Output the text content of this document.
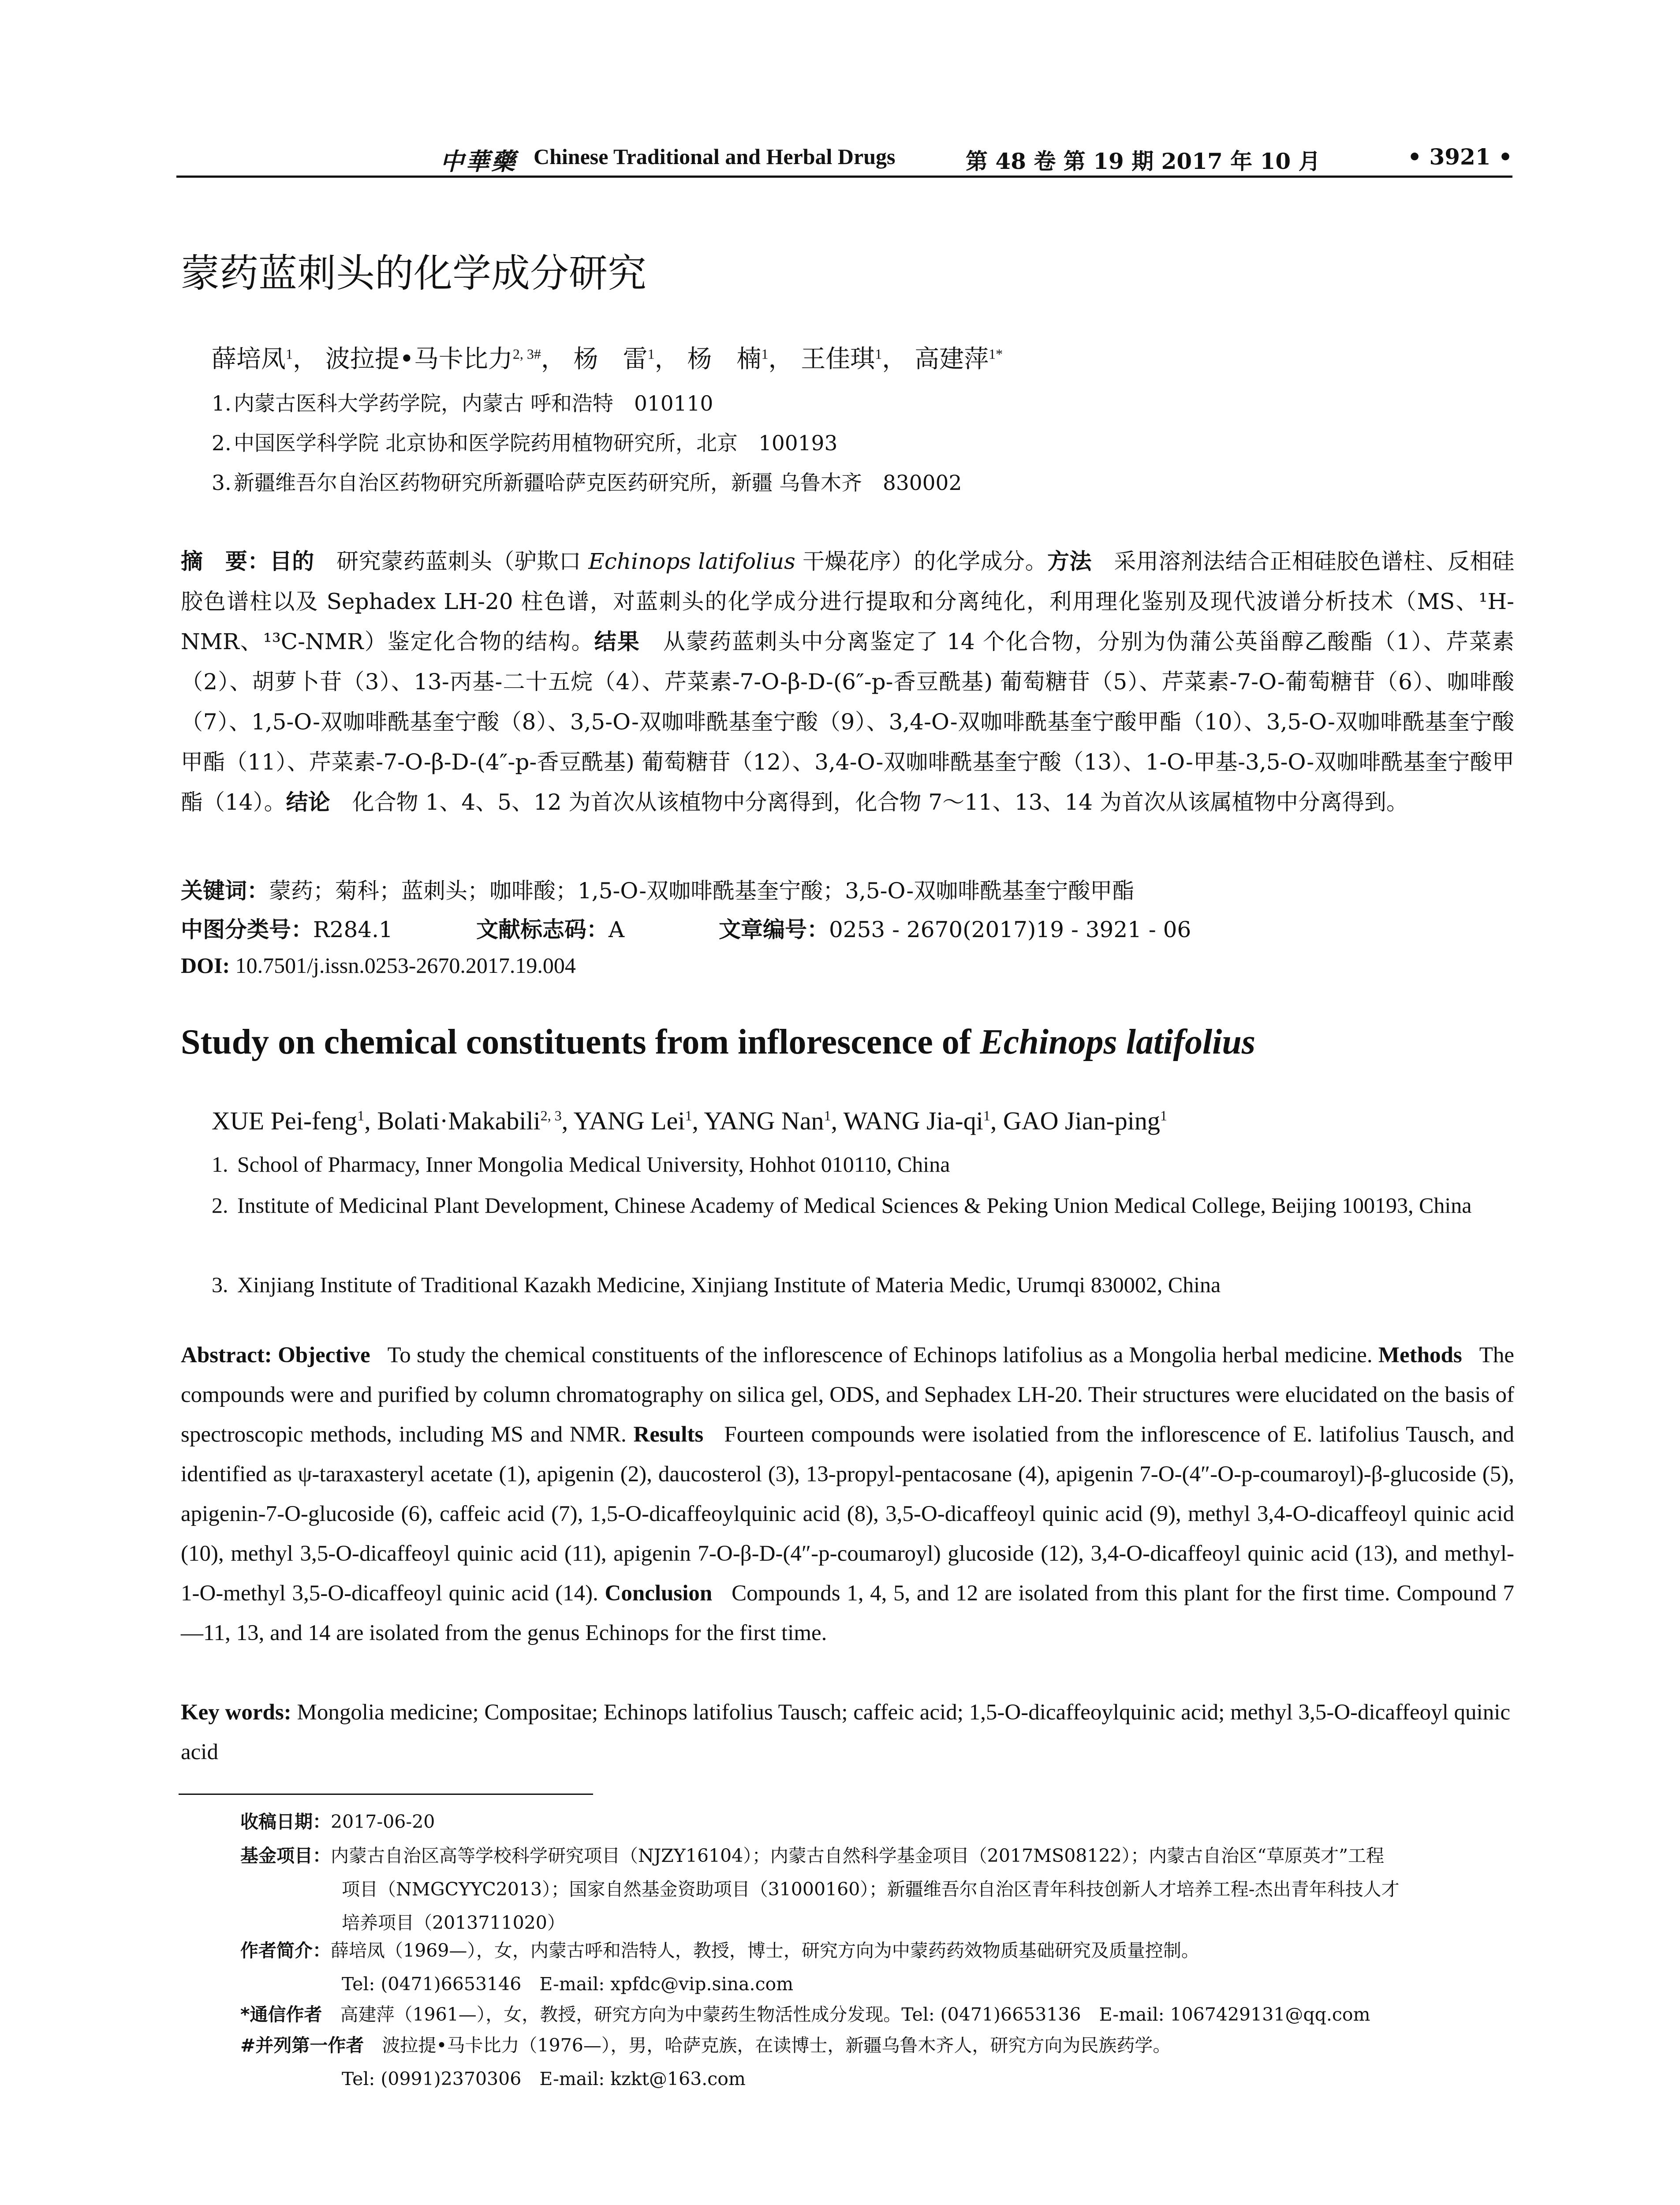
中華藥 Chinese Traditional and Herbal Drugs	第 48 卷 第 19 期 2017 年 10 月	• 3921 •
蒙药蓝刺头的化学成分研究
薛培凤$^1$， 波拉提•马卡比力$^{2, 3\#}$， 杨　雷$^1$， 杨　楠$^1$， 王佳琪$^1$， 高建萍$^{1*}$
1. 内蒙古医科大学药学院，内蒙古 呼和浩特　010110
2. 中国医学科学院 北京协和医学院药用植物研究所，北京　100193
3. 新疆维吾尔自治区药物研究所新疆哈萨克医药研究所，新疆 乌鲁木齐　830002
摘　要：目的　研究蒙药蓝刺头（驴欺口 Echinops latifolius 干燥花序）的化学成分。方法　采用溶剂法结合正相硅胶色谱柱、反相硅胶色谱柱以及 Sephadex LH-20 柱色谱，对蓝刺头的化学成分进行提取和分离纯化，利用理化鉴别及现代波谱分析技术（MS、¹H-NMR、¹³C-NMR）鉴定化合物的结构。结果　从蒙药蓝刺头中分离鉴定了 14 个化合物，分别为伪蒲公英甾醇乙酸酯（1）、芹菜素（2）、胡萝卜苷（3）、13-丙基-二十五烷（4）、芹菜素-7-O-β-D-(6″-p-香豆酰基) 葡萄糖苷（5）、芹菜素-7-O-葡萄糖苷（6）、咖啡酸（7）、1,5-O-双咖啡酰基奎宁酸（8）、3,5-O-双咖啡酰基奎宁酸（9）、3,4-O-双咖啡酰基奎宁酸甲酯（10）、3,5-O-双咖啡酰基奎宁酸甲酯（11）、芹菜素-7-O-β-D-(4″-p-香豆酰基) 葡萄糖苷（12）、3,4-O-双咖啡酰基奎宁酸（13）、1-O-甲基-3,5-O-双咖啡酰基奎宁酸甲酯（14）。结论　化合物 1、4、5、12 为首次从该植物中分离得到，化合物 7～11、13、14 为首次从该属植物中分离得到。
关键词：蒙药；菊科；蓝刺头；咖啡酸；1,5-O-双咖啡酰基奎宁酸；3,5-O-双咖啡酰基奎宁酸甲酯
中图分类号：R284.1	文献标志码：A	文章编号：0253 - 2670(2017)19 - 3921 - 06
DOI: 10.7501/j.issn.0253-2670.2017.19.004
Study on chemical constituents from inflorescence of Echinops latifolius
XUE Pei-feng$^1$, Bolati·Makabili$^{2, 3}$, YANG Lei$^1$, YANG Nan$^1$, WANG Jia-$qi^1$, GAO Jian-ping$^1$
1. School of Pharmacy, Inner Mongolia Medical University, Hohhot 010110, China
2. Institute of Medicinal Plant Development, Chinese Academy of Medical Sciences & Peking Union Medical College, Beijing 100193, China
3. Xinjiang Institute of Traditional Kazakh Medicine, Xinjiang Institute of Materia Medic, Urumqi 830002, China
Abstract: Objective To study the chemical constituents of the inflorescence of Echinops latifolius as a Mongolia herbal medicine. Methods The compounds were and purified by column chromatography on silica gel, ODS, and Sephadex LH-20. Their structures were elucidated on the basis of spectroscopic methods, including MS and NMR. Results Fourteen compounds were isolatied from the inflorescence of E. latifolius Tausch, and identified as ψ-taraxasteryl acetate (1), apigenin (2), daucosterol (3), 13-propyl-pentacosane (4), apigenin 7-O-(4″-O-p-coumaroyl)-β-glucoside (5), apigenin-7-O-glucoside (6), caffeic acid (7), 1,5-O-dicaffeoylquinic acid (8), 3,5-O-dicaffeoyl quinic acid (9), methyl 3,4-O-dicaffeoyl quinic acid (10), methyl 3,5-O-dicaffeoyl quinic acid (11), apigenin 7-O-β-D-(4″-p-coumaroyl) glucoside (12), 3,4-O-dicaffeoyl quinic acid (13), and methyl-1-O-methyl 3,5-O-dicaffeoyl quinic acid (14). Conclusion Compounds 1, 4, 5, and 12 are isolated from this plant for the first time. Compound 7—11, 13, and 14 are isolated from the genus Echinops for the first time.
Key words: Mongolia medicine; Compositae; Echinops latifolius Tausch; caffeic acid; 1,5-O-dicaffeoylquinic acid; methyl 3,5-O-dicaffeoyl quinic acid
收稿日期：2017-06-20
基金项目：内蒙古自治区高等学校科学研究项目（NJZY16104）；内蒙古自然科学基金项目（2017MS08122）；内蒙古自治区“草原英才”工程
项目（NMGCYYC2013）；国家自然基金资助项目（31000160）；新疆维吾尔自治区青年科技创新人才培养工程-杰出青年科技人才
培养项目（2013711020）
作者简介：薛培凤（1969—），女，内蒙古呼和浩特人，教授，博士，研究方向为中蒙药药效物质基础研究及质量控制。
Tel: (0471)6653146　E-mail: xpfdc@vip.sina.com
*通信作者　高建萍（1961—），女，教授，研究方向为中蒙药生物活性成分发现。Tel: (0471)6653136　E-mail: 1067429131@qq.com
#并列第一作者　波拉提•马卡比力（1976—），男，哈萨克族，在读博士，新疆乌鲁木齐人，研究方向为民族药学。
Tel: (0991)2370306　E-mail: kzkt@163.com
